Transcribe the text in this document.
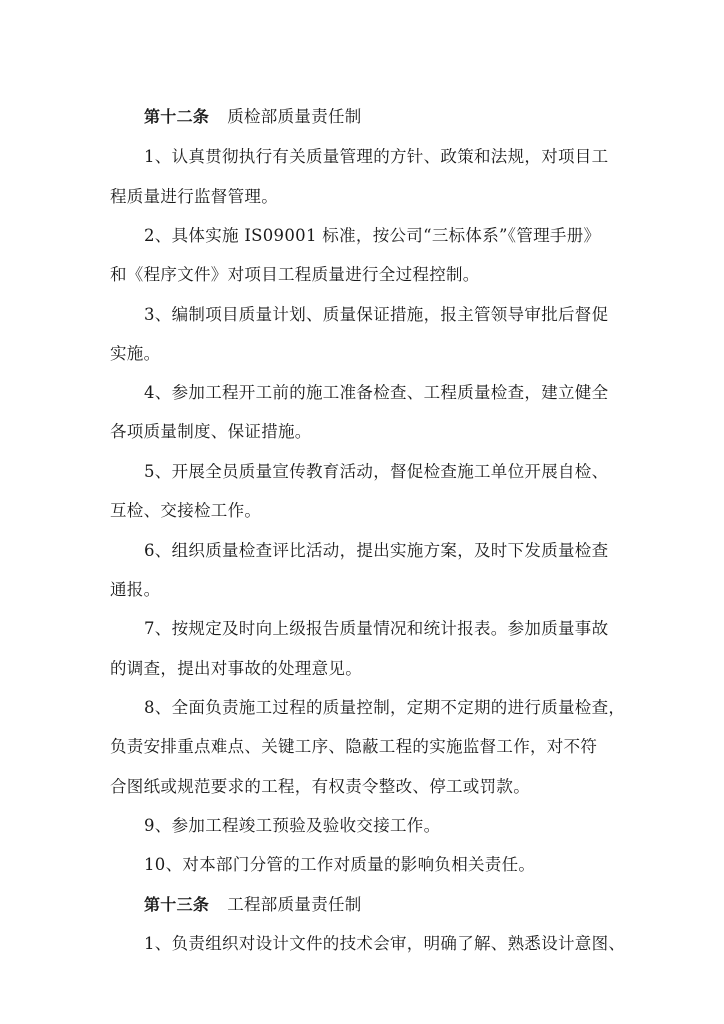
第十二条 质检部质量责任制
1、认真贯彻执行有关质量管理的方针、政策和法规，对项目工
程质量进行监督管理。
2、具体实施 IS09001 标准，按公司“三标体系”《管理手册》
和《程序文件》对项目工程质量进行全过程控制。
3、编制项目质量计划、质量保证措施，报主管领导审批后督促
实施。
4、参加工程开工前的施工准备检查、工程质量检查，建立健全
各项质量制度、保证措施。
5、开展全员质量宣传教育活动，督促检查施工单位开展自检、
互检、交接检工作。
6、组织质量检查评比活动，提出实施方案，及时下发质量检查
通报。
7、按规定及时向上级报告质量情况和统计报表。参加质量事故
的调查，提出对事故的处理意见。
8、全面负责施工过程的质量控制，定期不定期的进行质量检查，
负责安排重点难点、关键工序、隐蔽工程的实施监督工作，对不符
合图纸或规范要求的工程，有权责令整改、停工或罚款。
9、参加工程竣工预验及验收交接工作。
10、对本部门分管的工作对质量的影响负相关责任。
第十三条 工程部质量责任制
1、负责组织对设计文件的技术会审，明确了解、熟悉设计意图、
